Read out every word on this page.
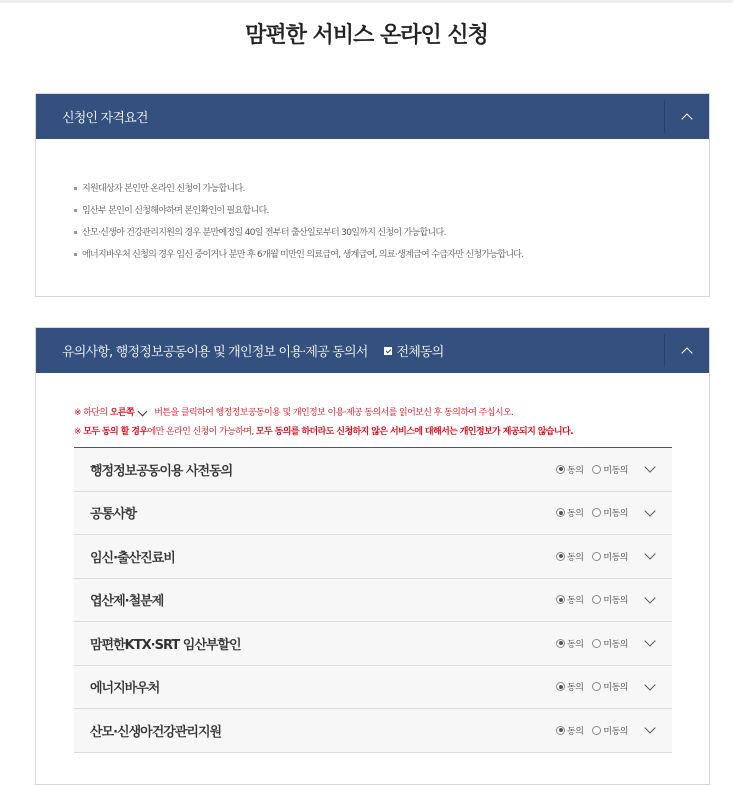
맘편한 서비스 온라인 신청
신청인 자격요건
지원대상자 본인만 온라인 신청이 가능합니다.
임산부 본인이 신청해야하며 본인확인이 필요합니다.
산모·신생아 건강관리지원의 경우 분만예정일 40일 전부터 출산일로부터 30일까지 신청이 가능합니다.
에너지바우처 신청의 경우 임신 중이거나 분만 후 6개월 미만인 의료급여, 생계급여, 의료·생계급여 수급자만 신청가능합니다.
유의사항, 행정정보공동이용 및 개인정보 이용·제공 동의서 전체동의

※ 하단의 오른쪽 버튼을 클릭하여 행정정보공동이용 및 개인정보 이용·제공 동의서를 읽어보신 후 동의하여 주십시오.

※ 모두 동의 할 경우에만 온라인 신청이 가능하며, 모두 동의를 하더라도 신청하지 않은 서비스에 대해서는 개인정보가 제공되지 않습니다.

행정정보공동이용 사전동의	동의 미동의
공통사항	동의 미동의
임신·출산진료비	동의 미동의
엽산제·철분제	동의 미동의
맘편한KTX·SRT 임산부할인	동의 미동의
에너지바우처	동의 미동의
산모·신생아건강관리지원	동의 미동의
